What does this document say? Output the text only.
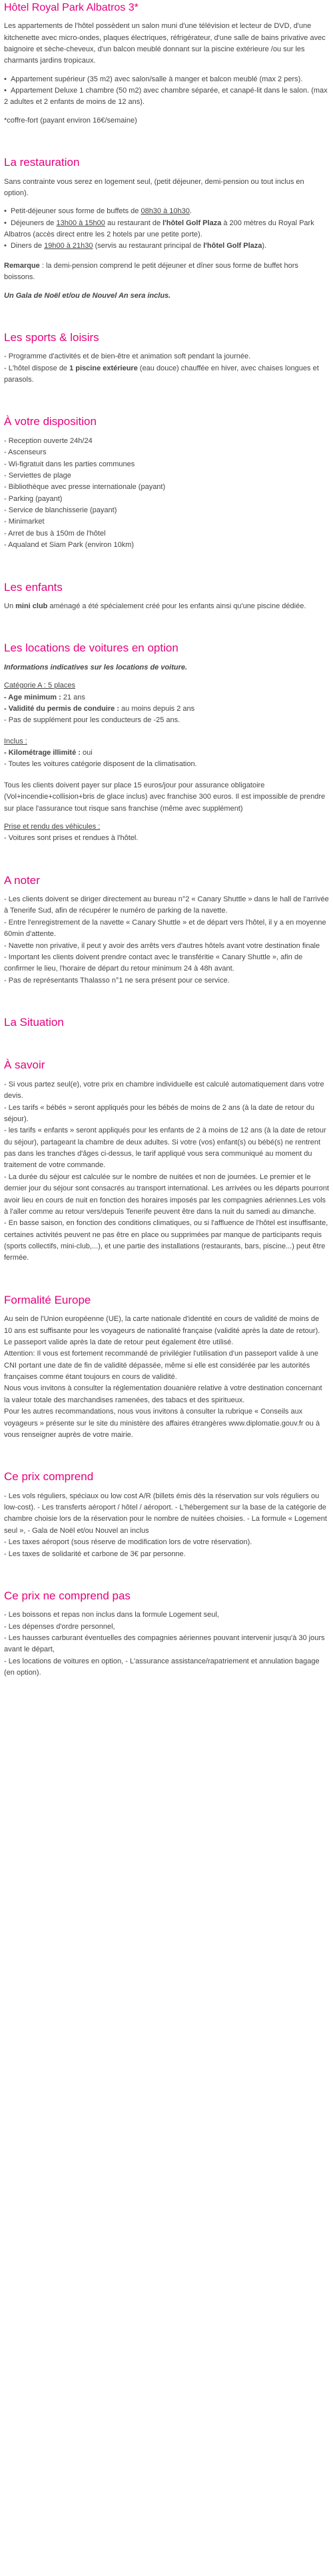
Hôtel Royal Park Albatros 3*

Les appartements de l'hôtel possèdent un salon muni d'une télévision et lecteur de DVD, d'une kitchenette avec micro-ondes, plaques électriques, réfrigérateur, d'une salle de bains privative avec baignoire et sèche-cheveux, d'un balcon meublé donnant sur la piscine extérieure /ou sur les charmants jardins tropicaux.

•  Appartement supérieur (35 m2) avec salon/salle à manger et balcon meublé (max 2 pers).
•  Appartement Deluxe 1 chambre (50 m2) avec chambre séparée, et canapé-lit dans le salon. (max 2 adultes et 2 enfants de moins de 12 ans).

*coffre-fort (payant environ 16€/semaine)

La restauration

Sans contrainte vous serez en logement seul, (petit déjeuner, demi-pension ou tout inclus en option).

•  Petit-déjeuner sous forme de buffets de 08h30 à 10h30.
•  Déjeuners de 13h00 à 15h00 au restaurant de l'hôtel Golf Plaza à 200 mètres du Royal Park Albatros (accès direct entre les 2 hotels par une petite porte).
•  Diners de 19h00 à 21h30 (servis au restaurant principal de l'hôtel Golf Plaza).

Remarque : la demi-pension comprend le petit déjeuner et dîner sous forme de buffet hors boissons.

Un Gala de Noël et/ou de Nouvel An sera inclus.

Les sports & loisirs
- Programme d'activités et de bien-être et animation soft pendant la journée.
- L'hôtel dispose de 1 piscine extérieure (eau douce) chauffée en hiver, avec chaises longues et parasols.
À votre disposition
- Reception ouverte 24h/24
- Ascenseurs
- Wi-figratuit dans les parties communes
- Serviettes de plage
- Bibliothèque avec presse internationale (payant)
- Parking (payant)
- Service de blanchisserie (payant)
- Minimarket
- Arret de bus à 150m de l'hôtel
- Aqualand et Siam Park (environ 10km)
Les enfants

Un mini club aménagé a été spécialement créé pour les enfants ainsi qu'une piscine dédiée.

Les locations de voitures en option

Informations indicatives sur les locations de voiture.

Catégorie A : 5 places
- Age minimum : 21 ans
- Validité du permis de conduire : au moins depuis 2 ans
- Pas de supplément pour les conducteurs de -25 ans.
Inclus :
- Kilométrage illimité : oui
- Toutes les voitures catégorie disposent de la climatisation.

Tous les clients doivent payer sur place 15 euros/jour pour assurance obligatoire (Vol+incendie+collision+bris de glace inclus) avec franchise 300 euros. Il est impossible de prendre sur place l'assurance tout risque sans franchise (même avec supplément)

Prise et rendu des véhicules :
- Voitures sont prises et rendues à l'hôtel.
A noter
- Les clients doivent se diriger directement au bureau n°2 « Canary Shuttle » dans le hall de l'arrivée à Tenerife Sud, afin de récupérer le numéro de parking de la navette.
- Entre l'enregistrement de la navette « Canary Shuttle » et de départ vers l'hôtel, il y a en moyenne 60min d'attente.
- Navette non privative, il peut y avoir des arrêts vers d'autres hôtels avant votre destination finale
- Important les clients doivent prendre contact avec le transféritie « Canary Shuttle », afin de confirmer le lieu, l'horaire de départ du retour minimum 24 à 48h avant.
- Pas de représentants Thalasso n°1 ne sera présent pour ce service.
La Situation
À savoir
- Si vous partez seul(e), votre prix en chambre individuelle est calculé automatiquement dans votre devis.
- Les tarifs « bébés » seront appliqués pour les bébés de moins de 2 ans (à la date de retour du séjour).
- les tarifs « enfants » seront appliqués pour les enfants de 2 à moins de 12 ans (à la date de retour du séjour), partageant la chambre de deux adultes. Si votre (vos) enfant(s) ou bébé(s) ne rentrent pas dans les tranches d'âges ci-dessus, le tarif appliqué vous sera communiqué au moment du traitement de votre commande.
- La durée du séjour est calculée sur le nombre de nuitées et non de journées. Le premier et le dernier jour du séjour sont consacrés au transport international. Les arrivées ou les départs pourront avoir lieu en cours de nuit en fonction des horaires imposés par les compagnies aériennes.Les vols à l'aller comme au retour vers/depuis Tenerife peuvent être dans la nuit du samedi au dimanche.
- En basse saison, en fonction des conditions climatiques, ou si l'affluence de l'hôtel est insuffisante, certaines activités peuvent ne pas être en place ou supprimées par manque de participants requis (sports collectifs, mini-club,...), et une partie des installations (restaurants, bars, piscine...) peut être fermée.
Formalité Europe
Au sein de l'Union européenne (UE), la carte nationale d'identité en cours de validité de moins de 10 ans est suffisante pour les voyageurs de nationalité française (validité après la date de retour). Le passeport valide après la date de retour peut également être utilisé.
Attention: Il vous est fortement recommandé de privilégier l'utilisation d'un passeport valide à une CNI portant une date de fin de validité dépassée, même si elle est considérée par les autorités françaises comme étant toujours en cours de validité.
Nous vous invitons à consulter la réglementation douanière relative à votre destination concernant la valeur totale des marchandises ramenées, des tabacs et des spiritueux.
Pour les autres recommandations, nous vous invitons à consulter la rubrique « Conseils aux voyageurs » présente sur le site du ministère des affaires étrangères www.diplomatie.gouv.fr ou à vous renseigner auprès de votre mairie.
Ce prix comprend
- Les vols réguliers, spéciaux ou low cost A/R (billets émis dès la réservation sur vols réguliers ou low-cost). - Les transferts aéroport / hôtel / aéroport. - L'hébergement sur la base de la catégorie de chambre choisie lors de la réservation pour le nombre de nuitées choisies. - La formule « Logement seul », - Gala de Noël et/ou Nouvel an inclus
- Les taxes aéroport (sous réserve de modification lors de votre réservation).
- Les taxes de solidarité et carbone de 3€ par personne.
Ce prix ne comprend pas
- Les boissons et repas non inclus dans la formule Logement seul,
- Les dépenses d'ordre personnel,
- Les hausses carburant éventuelles des compagnies aériennes pouvant intervenir jusqu'à 30 jours avant le départ,
- Les locations de voitures en option, - L'assurance assistance/rapatriement et annulation bagage (en option).
